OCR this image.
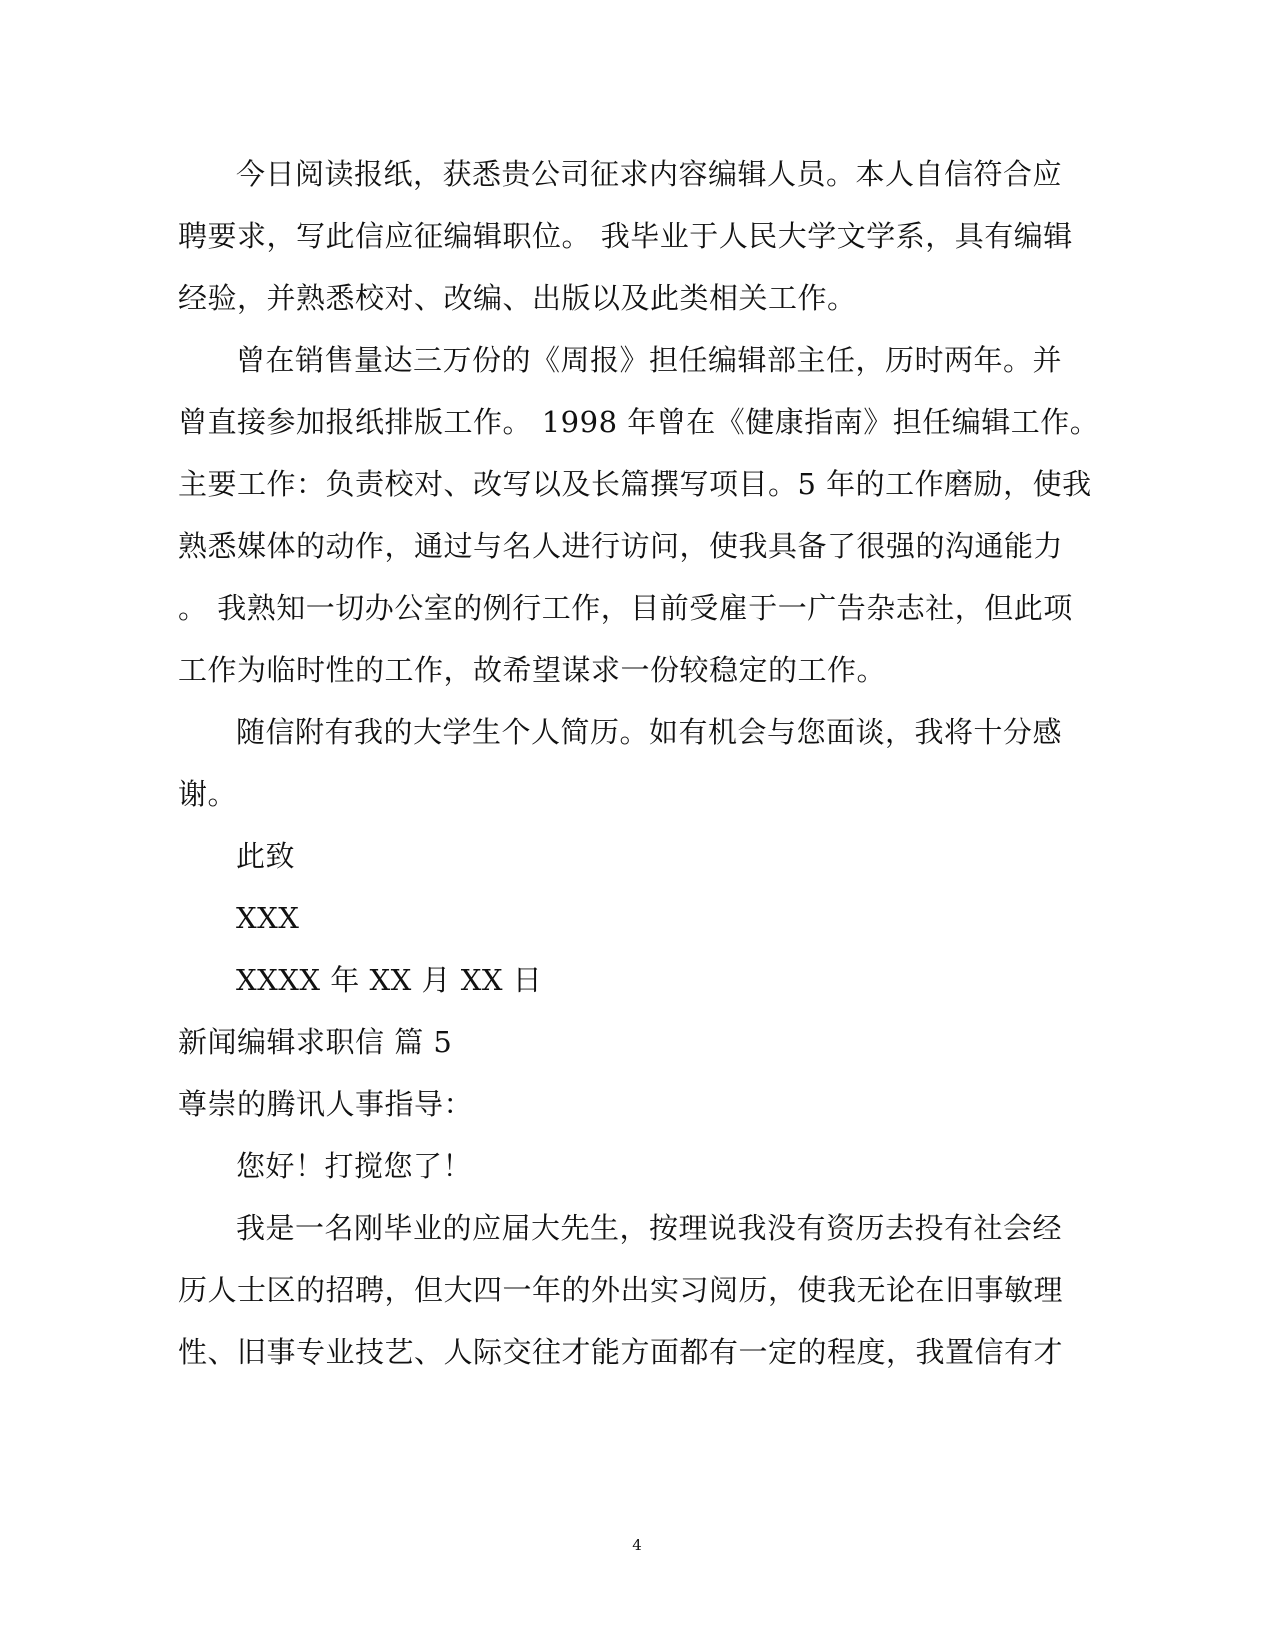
今日阅读报纸，获悉贵公司征求内容编辑人员。本人自信符合应
聘要求，写此信应征编辑职位。 我毕业于人民大学文学系，具有编辑
经验，并熟悉校对、改编、出版以及此类相关工作。
曾在销售量达三万份的《周报》担任编辑部主任，历时两年。并
曾直接参加报纸排版工作。 1998 年曾在《健康指南》担任编辑工作。
主要工作：负责校对、改写以及长篇撰写项目。5 年的工作磨励，使我
熟悉媒体的动作，通过与名人进行访问，使我具备了很强的沟通能力
。 我熟知一切办公室的例行工作，目前受雇于一广告杂志社，但此项
工作为临时性的工作，故希望谋求一份较稳定的工作。
随信附有我的大学生个人简历。如有机会与您面谈，我将十分感
谢。
此致
XXX
XXXX 年 XX 月 XX 日
新闻编辑求职信 篇 5
尊崇的腾讯人事指导：
您好！打搅您了！
我是一名刚毕业的应届大先生，按理说我没有资历去投有社会经
历人士区的招聘，但大四一年的外出实习阅历，使我无论在旧事敏理
性、旧事专业技艺、人际交往才能方面都有一定的程度，我置信有才
4
